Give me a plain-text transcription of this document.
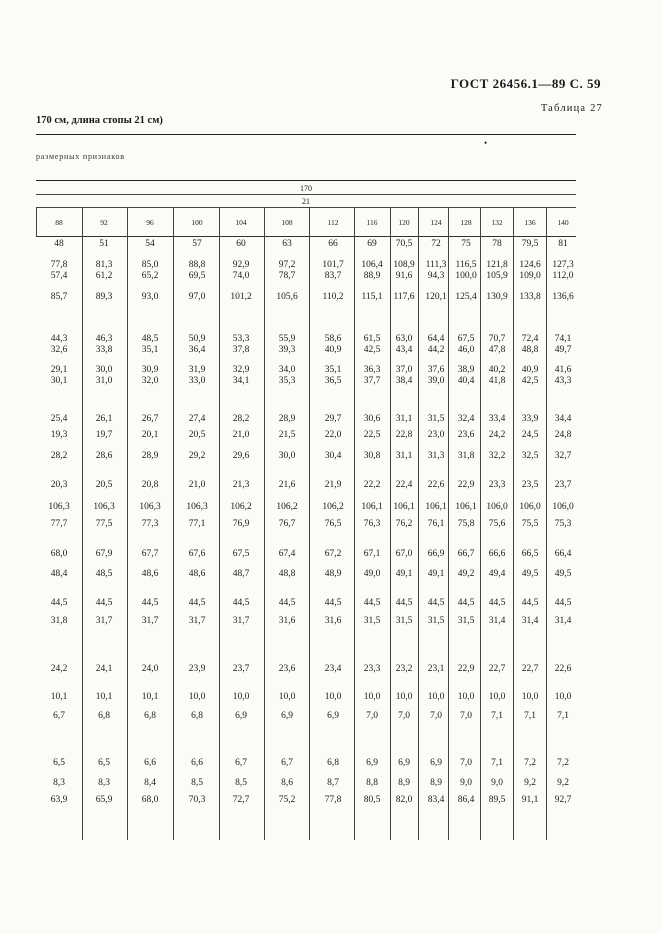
ГОСТ 26456.1—89 С. 59
Таблица 27
170 см, длина стопы 21 см)
•
размерных признаков
170
21
88	92	96	100	104	108	112	116	120	124	128	132	136	140
48	51	54	57	60	63	66	69	70,5	72	75	78	79,5	81
77,8	81,3	85,0	88,8	92,9	97,2	101,7	106,4	108,9	111,3 116,5	121,8	124,6	127,3
57,4	61,2	65,2	69,5	74,0	78,7	83,7	88,9	91,6	94,3	100,0	105,9	109,0	112,0
85,7	89,3	93,0	97,0	101,2	105,6	110,2	115,1	117,6	120,1 125,4	130,9	133,8	136,6
44,3	46,3	48,5	50,9	53,3	55,9	58,6	61,5	63,0	64,4	67,5	70,7	72,4	74,1
32,6	33,8	35,1	36,4	37,8	39,3	40,9	42,5	43,4	44,2	46,0	47,8	48,8	49,7
29,1	30,0	30,9	31,9	32,9	34,0	35,1	36,3	37,0	37,6	38,9	40,2	40,9	41,6
30,1	31,0	32,0	33,0	34,1	35,3	36,5	37,7	38,4	39,0	40,4	41,8	42,5	43,3
25,4	26,1	26,7	27,4	28,2	28,9	29,7	30,6	31,1	31,5	32,4	33,4	33,9	34,4
19,3	19,7	20,1	20,5	21,0	21,5	22,0	22,5	22,8	23,0	23,6	24,2	24,5	24,8
28,2	28,6	28,9	29,2	29,6	30,0	30,4	30,8	31,1	31,3	31,8	32,2	32,5	32,7
20,3	20,5	20,8	21,0	21,3	21,6	21,9	22,2	22,4	22,6	22,9	23,3	23,5	23,7
106,3	106,3	106,3	106,3	106,2	106,2	106,2	106,1	106,1	106,1 106,1	106,0	106,0	106,0
77,7	77,5	77,3	77,1	76,9	76,7	76,5	76,3	76,2	76,1	75,8	75,6	75,5	75,3
68,0	67,9	67,7	67,6	67,5	67,4	67,2	67,1	67,0	66,9	66,7	66,6	66,5	66,4
48,4	48,5	48,6	48,6	48,7	48,8	48,9	49,0	49,1	49,1	49,2	49,4	49,5	49,5
44,5	44,5	44,5	44,5	44,5	44,5	44,5	44,5	44,5	44,5	44,5	44,5	44,5	44,5
31,8	31,7	31,7	31,7	31,7	31,6	31,6	31,5	31,5	31,5	31,5	31,4	31,4	31,4
24,2	24,1	24,0	23,9	23,7	23,6	23,4	23,3	23,2	23,1	22,9	22,7	22,7	22,6
10,1	10,1	10,1	10,0	10,0	10,0	10,0	10,0	10,0	10,0	10,0	10,0	10,0	10,0
6,7	6,8	6,8	6,8	6,9	6,9	6,9	7,0	7,0	7,0	7,0	7,1	7,1	7,1
6,5	6,5	6,6	6,6	6,7	6,7	6,8	6,9	6,9	6,9	7,0	7,1	7,2	7,2
8,3	8,3	8,4	8,5	8,5	8,6	8,7	8,8	8,9	8,9	9,0	9,0	9,2	9,2
63,9	65,9	68,0	70,3	72,7	75,2	77,8	80,5	82,0	83,4	86,4	89,5	91,1	92,7
